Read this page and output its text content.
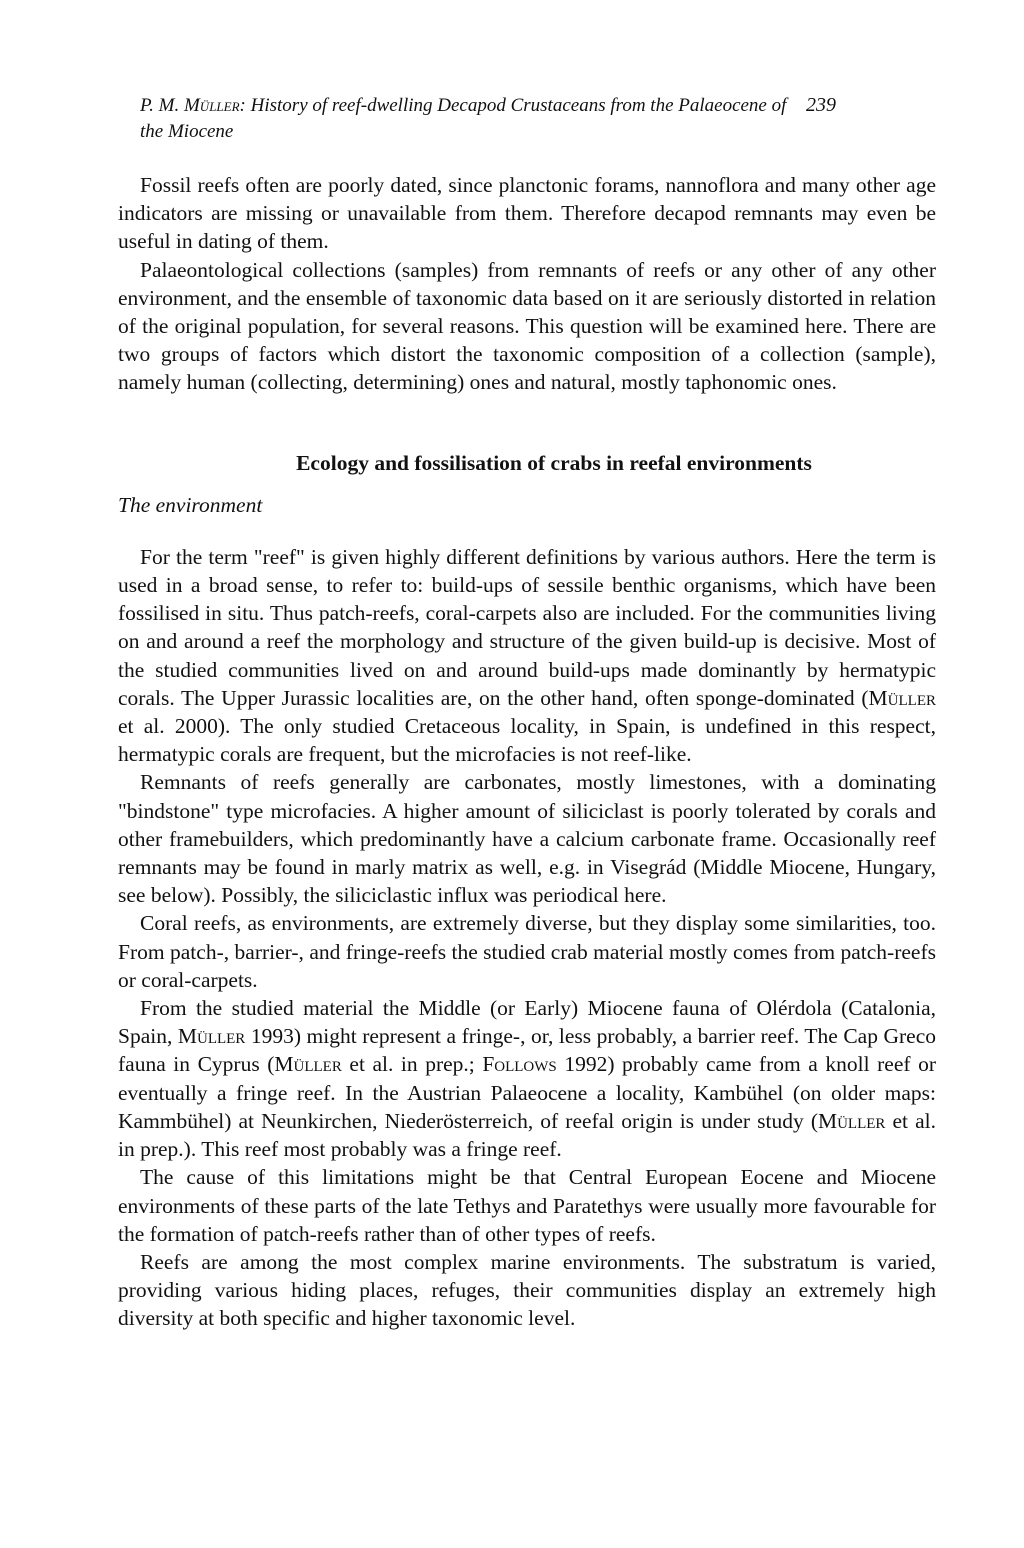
P. M. Müller: History of reef-dwelling Decapod Crustaceans from the Palaeocene of the Miocene
239

Fossil reefs often are poorly dated, since planctonic forams, nannoflora and many other age indicators are missing or unavailable from them. Therefore decapod remnants may even be useful in dating of them.

Palaeontological collections (samples) from remnants of reefs or any other of any other environment, and the ensemble of taxonomic data based on it are seriously distorted in relation of the original population, for several reasons. This question will be examined here. There are two groups of factors which distort the taxonomic composition of a collection (sample), namely human (collecting, determining) ones and natural, mostly taphonomic ones.

Ecology and fossilisation of crabs in reefal environments
The environment

For the term "reef" is given highly different definitions by various authors. Here the term is used in a broad sense, to refer to: build-ups of sessile benthic organisms, which have been fossilised in situ. Thus patch-reefs, coral-carpets also are included. For the communities living on and around a reef the morphology and structure of the given build-up is decisive. Most of the studied communities lived on and around build-ups made dominantly by hermatypic corals. The Upper Jurassic localities are, on the other hand, often sponge-dominated (Müller et al. 2000). The only studied Cretaceous locality, in Spain, is undefined in this respect, hermatypic corals are frequent, but the microfacies is not reef-like.

Remnants of reefs generally are carbonates, mostly limestones, with a dominating "bindstone" type microfacies. A higher amount of siliciclast is poorly tolerated by corals and other framebuilders, which predominantly have a calcium carbonate frame. Occasionally reef remnants may be found in marly matrix as well, e.g. in Visegrád (Middle Miocene, Hungary, see below). Possibly, the siliciclastic influx was periodical here.

Coral reefs, as environments, are extremely diverse, but they display some similarities, too. From patch-, barrier-, and fringe-reefs the studied crab material mostly comes from patch-reefs or coral-carpets.

From the studied material the Middle (or Early) Miocene fauna of Olérdola (Catalonia, Spain, Müller 1993) might represent a fringe-, or, less probably, a barrier reef. The Cap Greco fauna in Cyprus (Müller et al. in prep.; Follows 1992) probably came from a knoll reef or eventually a fringe reef. In the Austrian Palaeocene a locality, Kambühel (on older maps: Kammbühel) at Neunkirchen, Niederösterreich, of reefal origin is under study (Müller et al. in prep.). This reef most probably was a fringe reef.

The cause of this limitations might be that Central European Eocene and Miocene environments of these parts of the late Tethys and Paratethys were usually more favourable for the formation of patch-reefs rather than of other types of reefs.

Reefs are among the most complex marine environments. The substratum is varied, providing various hiding places, refuges, their communities display an extremely high diversity at both specific and higher taxonomic level.
